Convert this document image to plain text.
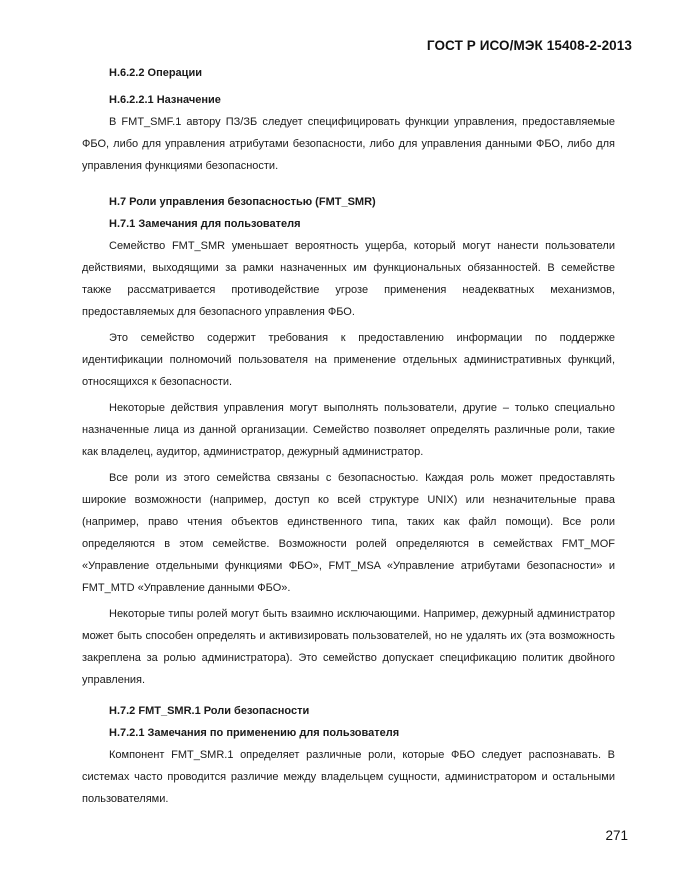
ГОСТ Р ИСО/МЭК 15408-2-2013

Н.6.2.2 Операции

Н.6.2.2.1 Назначение

В FMT_SMF.1 автору ПЗ/ЗБ следует специфицировать функции управления, предоставляемые ФБО, либо для управления атрибутами безопасности, либо для управления данными ФБО, либо для управления функциями безопасности.

Н.7 Роли управления безопасностью (FMT_SMR)

Н.7.1 Замечания для пользователя

Семейство FMT_SMR уменьшает вероятность ущерба, который могут нанести пользователи действиями, выходящими за рамки назначенных им функциональных обязанностей. В семействе также рассматривается противодействие угрозе применения неадекватных механизмов, предоставляемых для безопасного управления ФБО.

Это семейство содержит требования к предоставлению информации по поддержке идентификации полномочий пользователя на применение отдельных административных функций, относящихся к безопасности.

Некоторые действия управления могут выполнять пользователи, другие – только специально назначенные лица из данной организации. Семейство позволяет определять различные роли, такие как владелец, аудитор, администратор, дежурный администратор.

Все роли из этого семейства связаны с безопасностью. Каждая роль может предоставлять широкие возможности (например, доступ ко всей структуре UNIX) или незначительные права (например, право чтения объектов единственного типа, таких как файл помощи). Все роли определяются в этом семействе. Возможности ролей определяются в семействах FMT_MOF «Управление отдельными функциями ФБО», FMT_MSA «Управление атрибутами безопасности» и FMT_MTD «Управление данными ФБО».

Некоторые типы ролей могут быть взаимно исключающими. Например, дежурный администратор может быть способен определять и активизировать пользователей, но не удалять их (эта возможность закреплена за ролью администратора). Это семейство допускает спецификацию политик двойного управления.

Н.7.2 FMT_SMR.1 Роли безопасности

Н.7.2.1 Замечания по применению для пользователя

Компонент FMT_SMR.1 определяет различные роли, которые ФБО следует распознавать. В системах часто проводится различие между владельцем сущности, администратором и остальными пользователями.

271
